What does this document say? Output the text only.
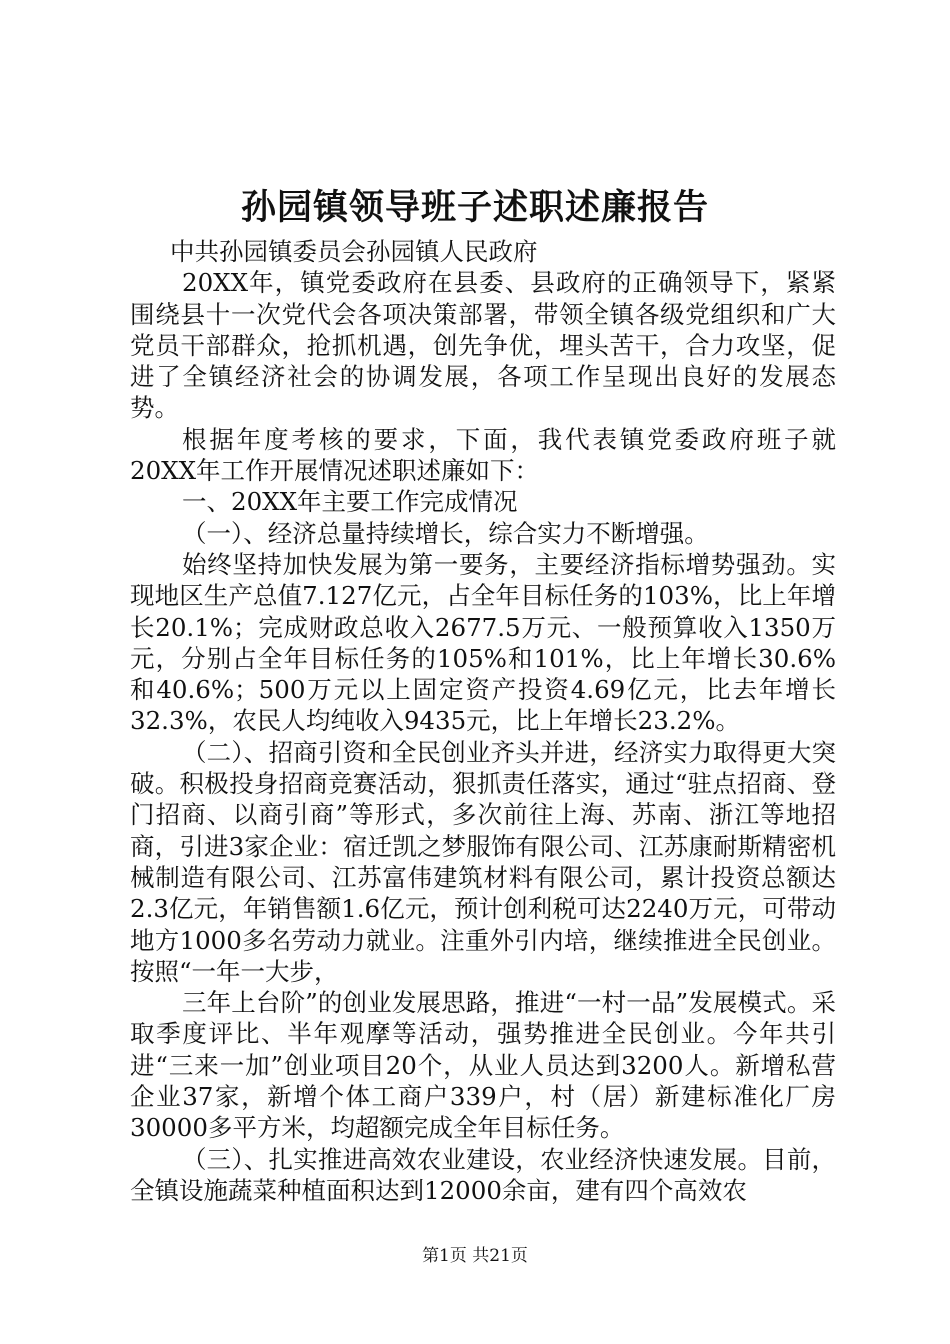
孙园镇领导班子述职述廉报告

中共孙园镇委员会孙园镇人民政府

20XX年，镇党委政府在县委、县政府的正确领导下，紧紧围绕县十一次党代会各项决策部署，带领全镇各级党组织和广大党员干部群众，抢抓机遇，创先争优，埋头苦干，合力攻坚，促进了全镇经济社会的协调发展，各项工作呈现出良好的发展态势。

根据年度考核的要求，下面，我代表镇党委政府班子就20XX年工作开展情况述职述廉如下：

一、20XX年主要工作完成情况

（一）、经济总量持续增长，综合实力不断增强。

始终坚持加快发展为第一要务，主要经济指标增势强劲。实现地区生产总值7.127亿元，占全年目标任务的103%，比上年增长20.1%；完成财政总收入2677.5万元、一般预算收入1350万元，分别占全年目标任务的105%和101%，比上年增长30.6%和40.6%；500万元以上固定资产投资4.69亿元，比去年增长32.3%，农民人均纯收入9435元，比上年增长23.2%。

（二）、招商引资和全民创业齐头并进，经济实力取得更大突破。积极投身招商竞赛活动，狠抓责任落实，通过“驻点招商、登门招商、以商引商”等形式，多次前往上海、苏南、浙江等地招商，引进3家企业：宿迁凯之梦服饰有限公司、江苏康耐斯精密机械制造有限公司、江苏富伟建筑材料有限公司，累计投资总额达2.3亿元，年销售额1.6亿元，预计创利税可达2240万元，可带动地方1000多名劳动力就业。注重外引内培，继续推进全民创业。按照“一年一大步，

三年上台阶”的创业发展思路，推进“一村一品”发展模式。采取季度评比、半年观摩等活动，强势推进全民创业。今年共引进“三来一加”创业项目20个，从业人员达到3200人。新增私营企业37家，新增个体工商户339户，村（居）新建标准化厂房30000多平方米，均超额完成全年目标任务。

（三）、扎实推进高效农业建设，农业经济快速发展。目前，全镇设施蔬菜种植面积达到12000余亩，建有四个高效农

第1页 共21页
